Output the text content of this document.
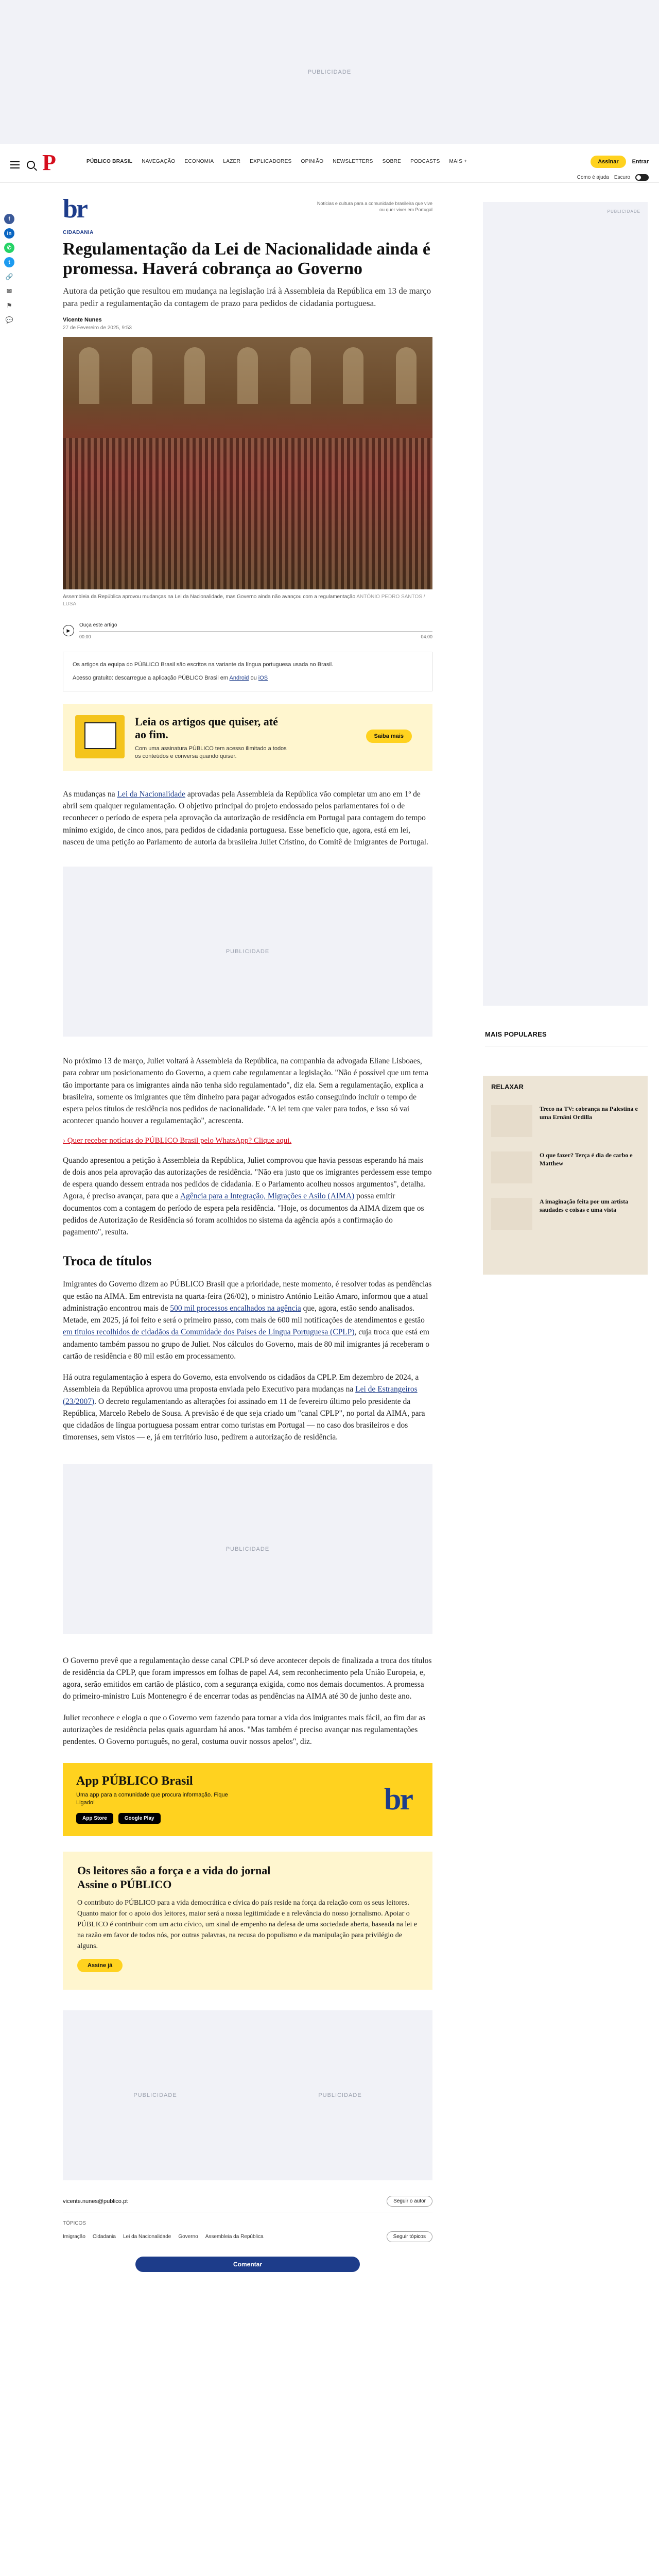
PUBLICIDADE
P	PÚBLICO BRASIL NAVEGAÇÃO ECONOMIA LAZER EXPLICADORES OPINIÃO NEWSLETTERS SOBRE PODCASTS MAIS +	Assinar	Entrar
Como é ajuda Escuro
f
in
✆
t
🔗
✉
⚑
💬
br	Notícias e cultura para a comunidade brasileira que vive ou quer viver em Portugal
CIDADANIA
Regulamentação da Lei de Nacionalidade ainda é promessa. Haverá cobrança ao Governo

Autora da petição que resultou em mudança na legislação irá à Assembleia da República em 13 de março para pedir a regulamentação da contagem de prazo para pedidos de cidadania portuguesa.

Vicente Nunes
27 de Fevereiro de 2025, 9:53

Assembleia da República aprovou mudanças na Lei da Nacionalidade, mas Governo ainda não avançou com a regulamentação ANTÓNIO PEDRO SANTOS / LUSA

▶
Ouça este artigo
00:00	04:00

Os artigos da equipa do PÚBLICO Brasil são escritos na variante da língua portuguesa usada no Brasil.

Acesso gratuito: descarregue a aplicação PÚBLICO Brasil em Android ou iOS

Leia os artigos que quiser, até ao fim.
Com uma assinatura PÚBLICO tem acesso ilimitado a todos os conteúdos e conversa quando quiser.
Saiba mais

As mudanças na Lei da Nacionalidade aprovadas pela Assembleia da República vão completar um ano em 1º de abril sem qualquer regulamentação. O objetivo principal do projeto endossado pelos parlamentares foi o de reconhecer o período de espera pela aprovação da autorização de residência em Portugal para contagem do tempo mínimo exigido, de cinco anos, para pedidos de cidadania portuguesa. Esse benefício que, agora, está em lei, nasceu de uma petição ao Parlamento de autoria da brasileira Juliet Cristino, do Comitê de Imigrantes de Portugal.

PUBLICIDADE

No próximo 13 de março, Juliet voltará à Assembleia da República, na companhia da advogada Eliane Lisboaes, para cobrar um posicionamento do Governo, a quem cabe regulamentar a legislação. "Não é possível que um tema tão importante para os imigrantes ainda não tenha sido regulamentado", diz ela. Sem a regulamentação, explica a brasileira, somente os imigrantes que têm dinheiro para pagar advogados estão conseguindo incluir o tempo de espera pelos títulos de residência nos pedidos de nacionalidade. "A lei tem que valer para todos, e isso só vai acontecer quando houver a regulamentação", acrescenta.

› Quer receber notícias do PÚBLICO Brasil pelo WhatsApp? Clique aqui.

Quando apresentou a petição à Assembleia da República, Juliet comprovou que havia pessoas esperando há mais de dois anos pela aprovação das autorizações de residência. "Não era justo que os imigrantes perdessem esse tempo de espera quando dessem entrada nos pedidos de cidadania. E o Parlamento acolheu nossos argumentos", detalha. Agora, é preciso avançar, para que a Agência para a Integração, Migrações e Asilo (AIMA) possa emitir documentos com a contagem do período de espera pela residência. "Hoje, os documentos da AIMA dizem que os pedidos de Autorização de Residência só foram acolhidos no sistema da agência após a confirmação do pagamento", resulta.

Troca de títulos

Imigrantes do Governo dizem ao PÚBLICO Brasil que a prioridade, neste momento, é resolver todas as pendências que estão na AIMA. Em entrevista na quarta-feira (26/02), o ministro António Leitão Amaro, informou que a atual administração encontrou mais de 500 mil processos encalhados na agência que, agora, estão sendo analisados. Metade, em 2025, já foi feito e será o primeiro passo, com mais de 600 mil notificações de atendimentos e gestão em títulos recolhidos de cidadãos da Comunidade dos Países de Língua Portuguesa (CPLP), cuja troca que está em andamento também passou no grupo de Juliet. Nos cálculos do Governo, mais de 80 mil imigrantes já receberam o cartão de residência e 80 mil estão em processamento.

Há outra regulamentação à espera do Governo, esta envolvendo os cidadãos da CPLP. Em dezembro de 2024, a Assembleia da República aprovou uma proposta enviada pelo Executivo para mudanças na Lei de Estrangeiros (23/2007). O decreto regulamentando as alterações foi assinado em 11 de fevereiro último pelo presidente da República, Marcelo Rebelo de Sousa. A previsão é de que seja criado um "canal CPLP", no portal da AIMA, para que cidadãos de língua portuguesa possam entrar como turistas em Portugal — no caso dos brasileiros e dos timorenses, sem vistos — e, já em território luso, pedirem a autorização de residência.

PUBLICIDADE

O Governo prevê que a regulamentação desse canal CPLP só deve acontecer depois de finalizada a troca dos títulos de residência da CPLP, que foram impressos em folhas de papel A4, sem reconhecimento pela União Europeia, e, agora, serão emitidos em cartão de plástico, com a segurança exigida, como nos demais documentos. A promessa do primeiro-ministro Luís Montenegro é de encerrar todas as pendências na AIMA até 30 de junho deste ano.

Juliet reconhece e elogia o que o Governo vem fazendo para tornar a vida dos imigrantes mais fácil, ao fim dar as autorizações de residência pelas quais aguardam há anos. "Mas também é preciso avançar nas regulamentações pendentes. O Governo português, no geral, costuma ouvir nossos apelos", diz.

App PÚBLICO Brasil
Uma app para a comunidade que procura informação. Fique Ligado!
App Store	Google Play
br
Os leitores são a força e a vida do jornal
Assine o PÚBLICO

O contributo do PÚBLICO para a vida democrática e cívica do país reside na força da relação com os seus leitores. Quanto maior for o apoio dos leitores, maior será a nossa legitimidade e a relevância do nosso jornalismo. Apoiar o PÚBLICO é contribuir com um acto cívico, um sinal de empenho na defesa de uma sociedade aberta, baseada na lei e na razão em favor de todos nós, por outras palavras, na recusa do populismo e da manipulação para privilégio de alguns.

Assine já
PUBLICIDADE	PUBLICIDADE
vicente.nunes@publico.pt	Seguir o autor
TÓPICOS
Imigração Cidadania Lei da Nacionalidade Governo Assembleia da República	Seguir tópicos
Comentar
PUBLICIDADE
MAIS POPULARES
RELAXAR
Treco na TV: cobrança na Palestina e uma Ernâni Ordilla
O que fazer? Terça é dia de carbo e Matthew
A imaginação feita por um artista saudades e coisas e uma vista
